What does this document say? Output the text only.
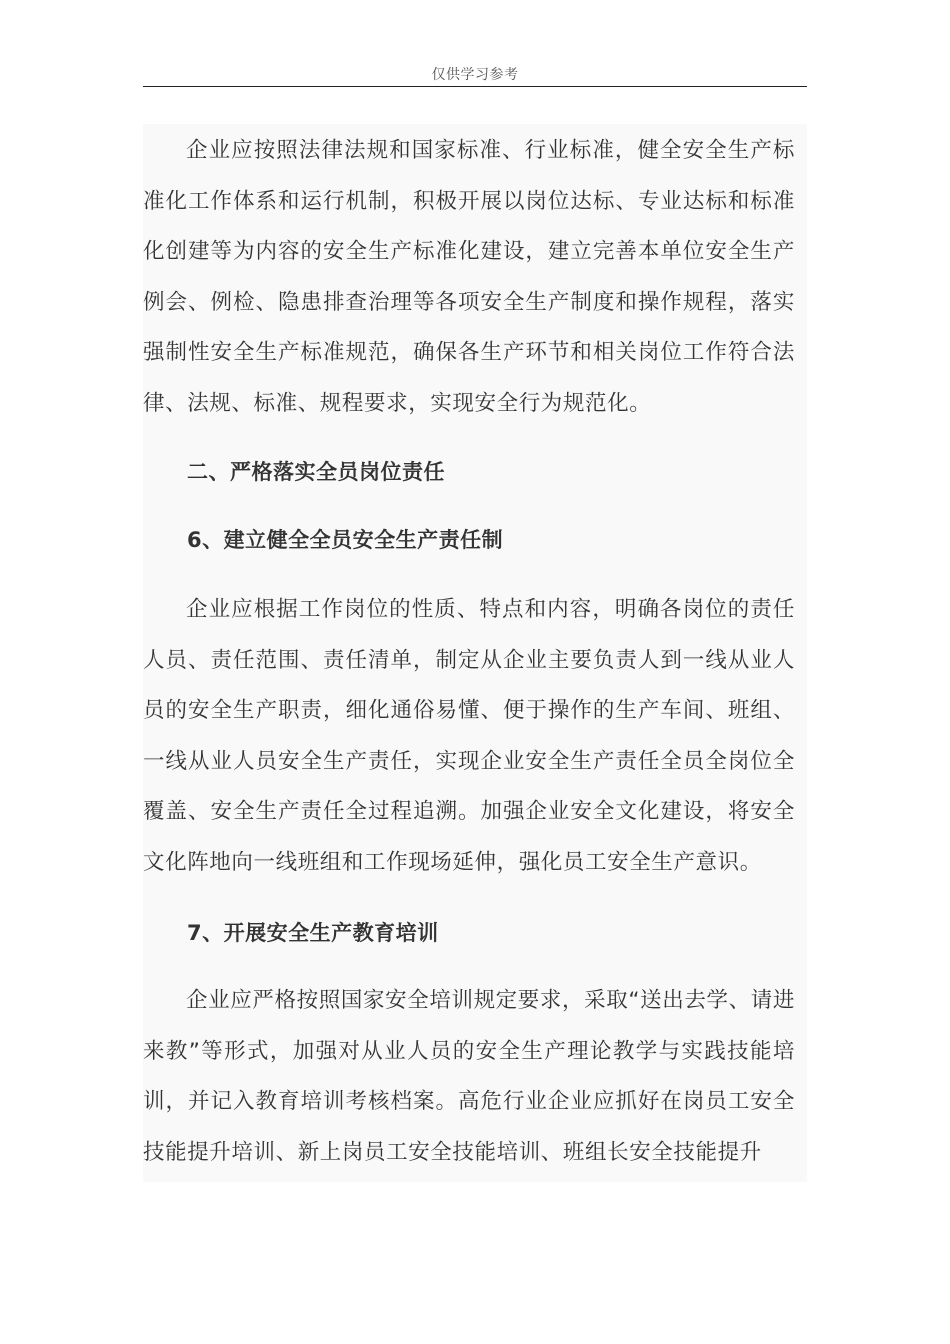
仅供学习参考

企业应按照法律法规和国家标准、行业标准，健全安全生产标准化工作体系和运行机制，积极开展以岗位达标、专业达标和标准化创建等为内容的安全生产标准化建设，建立完善本单位安全生产例会、例检、隐患排查治理等各项安全生产制度和操作规程，落实强制性安全生产标准规范，确保各生产环节和相关岗位工作符合法律、法规、标准、规程要求，实现安全行为规范化。

二、严格落实全员岗位责任

6、建立健全全员安全生产责任制

企业应根据工作岗位的性质、特点和内容，明确各岗位的责任人员、责任范围、责任清单，制定从企业主要负责人到一线从业人员的安全生产职责，细化通俗易懂、便于操作的生产车间、班组、一线从业人员安全生产责任，实现企业安全生产责任全员全岗位全覆盖、安全生产责任全过程追溯。加强企业安全文化建设，将安全文化阵地向一线班组和工作现场延伸，强化员工安全生产意识。

7、开展安全生产教育培训

企业应严格按照国家安全培训规定要求，采取“送出去学、请进来教”等形式，加强对从业人员的安全生产理论教学与实践技能培训，并记入教育培训考核档案。高危行业企业应抓好在岗员工安全技能提升培训、新上岗员工安全技能培训、班组长安全技能提升
